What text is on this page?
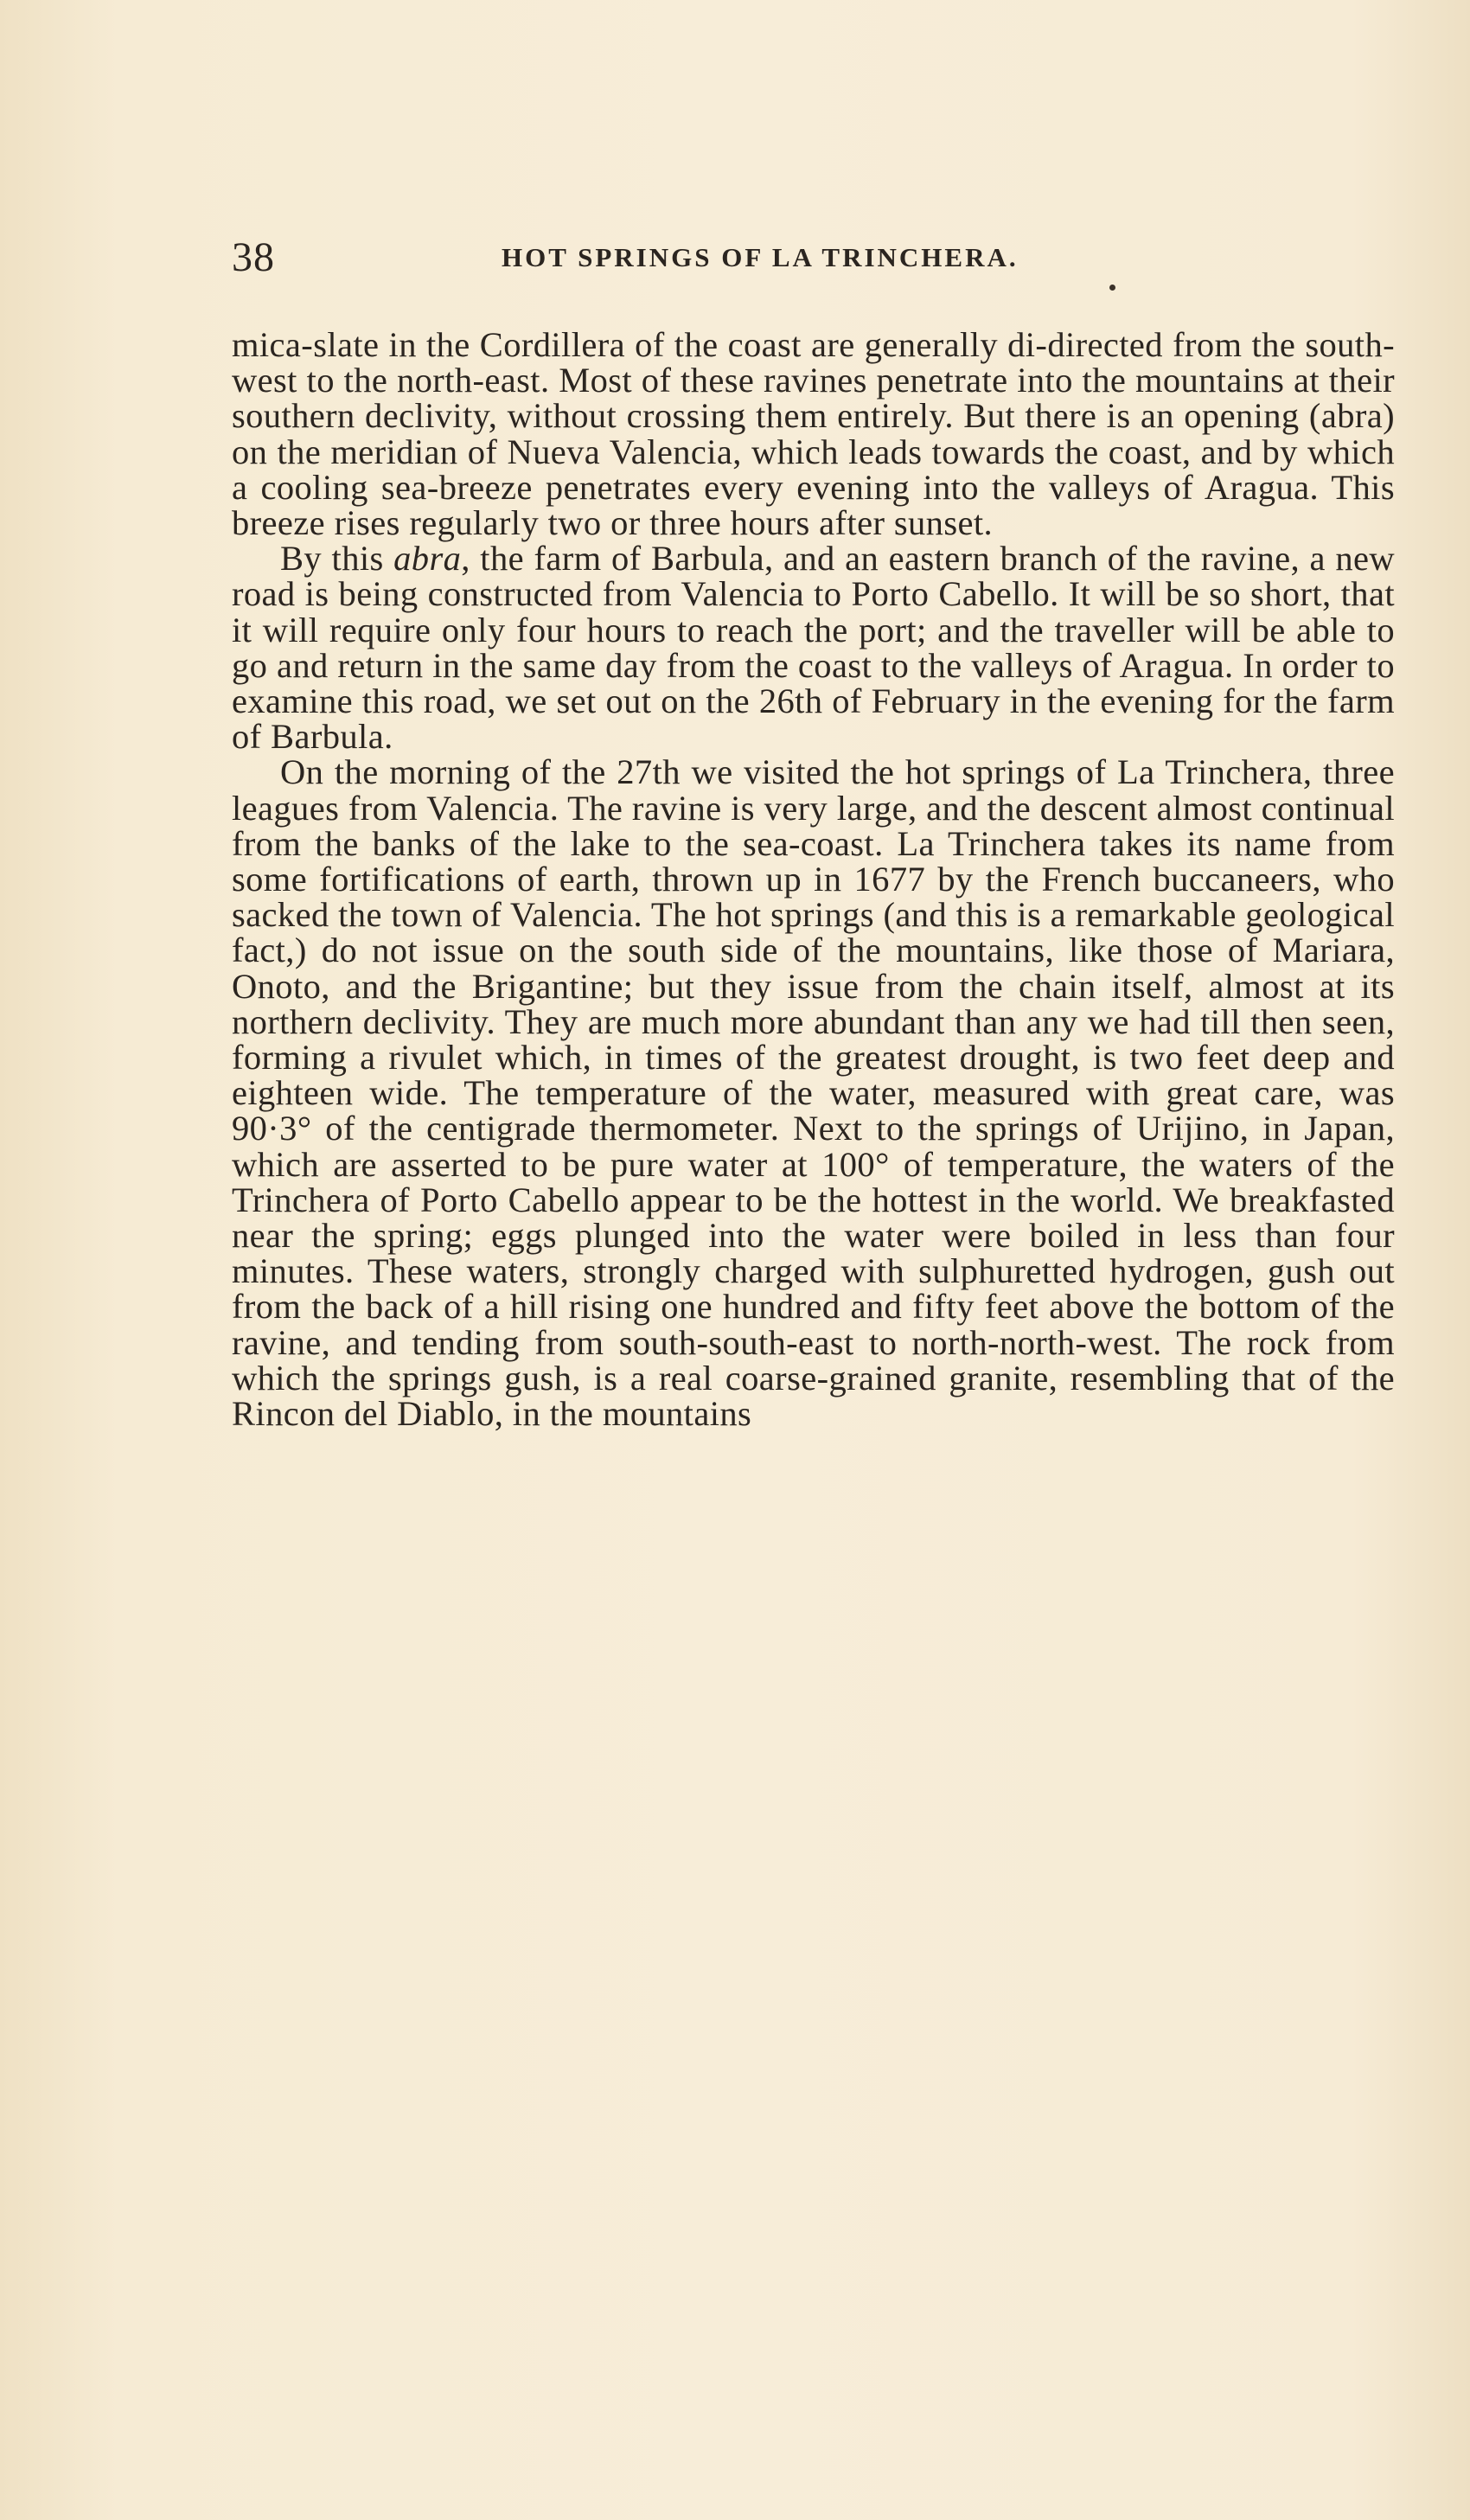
38	HOT SPRINGS OF LA TRINCHERA.

mica-slate in the Cordillera of the coast are generally di-directed from the south-west to the north-east. Most of these ravines penetrate into the mountains at their southern declivity, without crossing them entirely. But there is an opening (abra) on the meridian of Nueva Valencia, which leads towards the coast, and by which a cooling sea-breeze penetrates every evening into the valleys of Aragua. This breeze rises regularly two or three hours after sunset.

By this abra, the farm of Barbula, and an eastern branch of the ravine, a new road is being constructed from Valencia to Porto Cabello. It will be so short, that it will require only four hours to reach the port; and the traveller will be able to go and return in the same day from the coast to the valleys of Aragua. In order to examine this road, we set out on the 26th of February in the evening for the farm of Barbula.

On the morning of the 27th we visited the hot springs of La Trinchera, three leagues from Valencia. The ravine is very large, and the descent almost continual from the banks of the lake to the sea-coast. La Trinchera takes its name from some fortifications of earth, thrown up in 1677 by the French buccaneers, who sacked the town of Valencia. The hot springs (and this is a remarkable geological fact,) do not issue on the south side of the mountains, like those of Mariara, Onoto, and the Brigantine; but they issue from the chain itself, almost at its northern declivity. They are much more abundant than any we had till then seen, forming a rivulet which, in times of the greatest drought, is two feet deep and eighteen wide. The temperature of the water, measured with great care, was 90·3° of the centigrade thermometer. Next to the springs of Urijino, in Japan, which are asserted to be pure water at 100° of temperature, the waters of the Trinchera of Porto Cabello appear to be the hottest in the world. We breakfasted near the spring; eggs plunged into the water were boiled in less than four minutes. These waters, strongly charged with sulphuretted hydrogen, gush out from the back of a hill rising one hundred and fifty feet above the bottom of the ravine, and tending from south-south-east to north-north-west. The rock from which the springs gush, is a real coarse-grained granite, resembling that of the Rincon del Diablo, in the mountains
